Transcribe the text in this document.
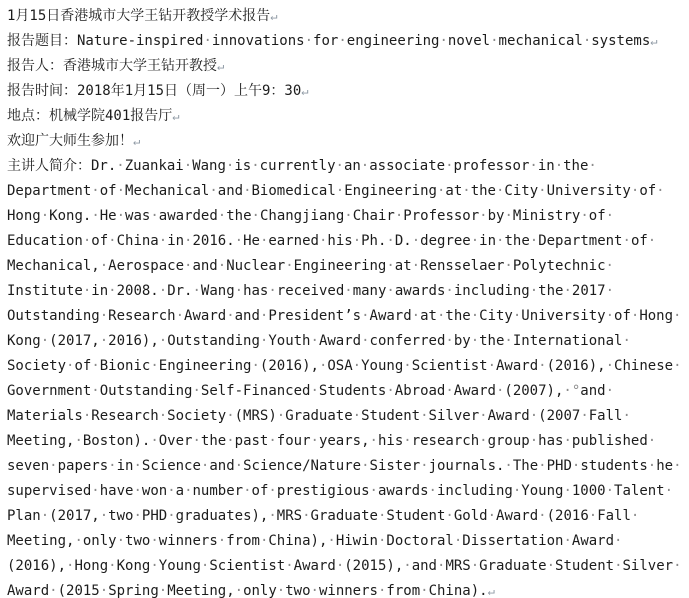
1月15日香港城市大学王钻开教授学术报告↵

报告题目：Nature-inspired·innovations·for·engineering·novel·mechanical·systems↵

报告人：香港城市大学王钻开教授↵

报告时间：2018年1月15日（周一）上午9：30↵

地点：机械学院401报告厅↵

欢迎广大师生参加！↵

主讲人简介：Dr.·Zuankai·Wang·is·currently·an·associate·professor·in·the·Department·of·Mechanical·and·Biomedical·Engineering·at·the·City·University·of·Hong·Kong.·He·was·awarded·the·Changjiang·Chair·Professor·by·Ministry·of·Education·of·China·in·2016.·He·earned·his·Ph.·D.·degree·in·the·Department·of·Mechanical,·Aerospace·and·Nuclear·Engineering·at·Rensselaer·Polytechnic·Institute·in·2008.·Dr.·Wang·has·received·many·awards·including·the·2017·Outstanding·Research·Award·and·President’s·Award·at·the·City·University·of·Hong·Kong·(2017,·2016),·Outstanding·Youth·Award·conferred·by·the·International·Society·of·Bionic·Engineering·(2016),·OSA·Young·Scientist·Award·(2016),·Chinese·Government·Outstanding·Self-Financed·Students·Abroad·Award·(2007),·°and·Materials·Research·Society·(MRS)·Graduate·Student·Silver·Award·(2007·Fall·Meeting,·Boston).·Over·the·past·four·years,·his·research·group·has·published·seven·papers·in·Science·and·Science/Nature·Sister·journals.·The·PHD·students·he·supervised·have·won·a·number·of·prestigious·awards·including·Young·1000·Talent·Plan·(2017,·two·PHD·graduates),·MRS·Graduate·Student·Gold·Award·(2016·Fall·Meeting,·only·two·winners·from·China),·Hiwin·Doctoral·Dissertation·Award·(2016),·Hong·Kong·Young·Scientist·Award·(2015),·and·MRS·Graduate·Student·Silver·Award·(2015·Spring·Meeting,·only·two·winners·from·China).↵
